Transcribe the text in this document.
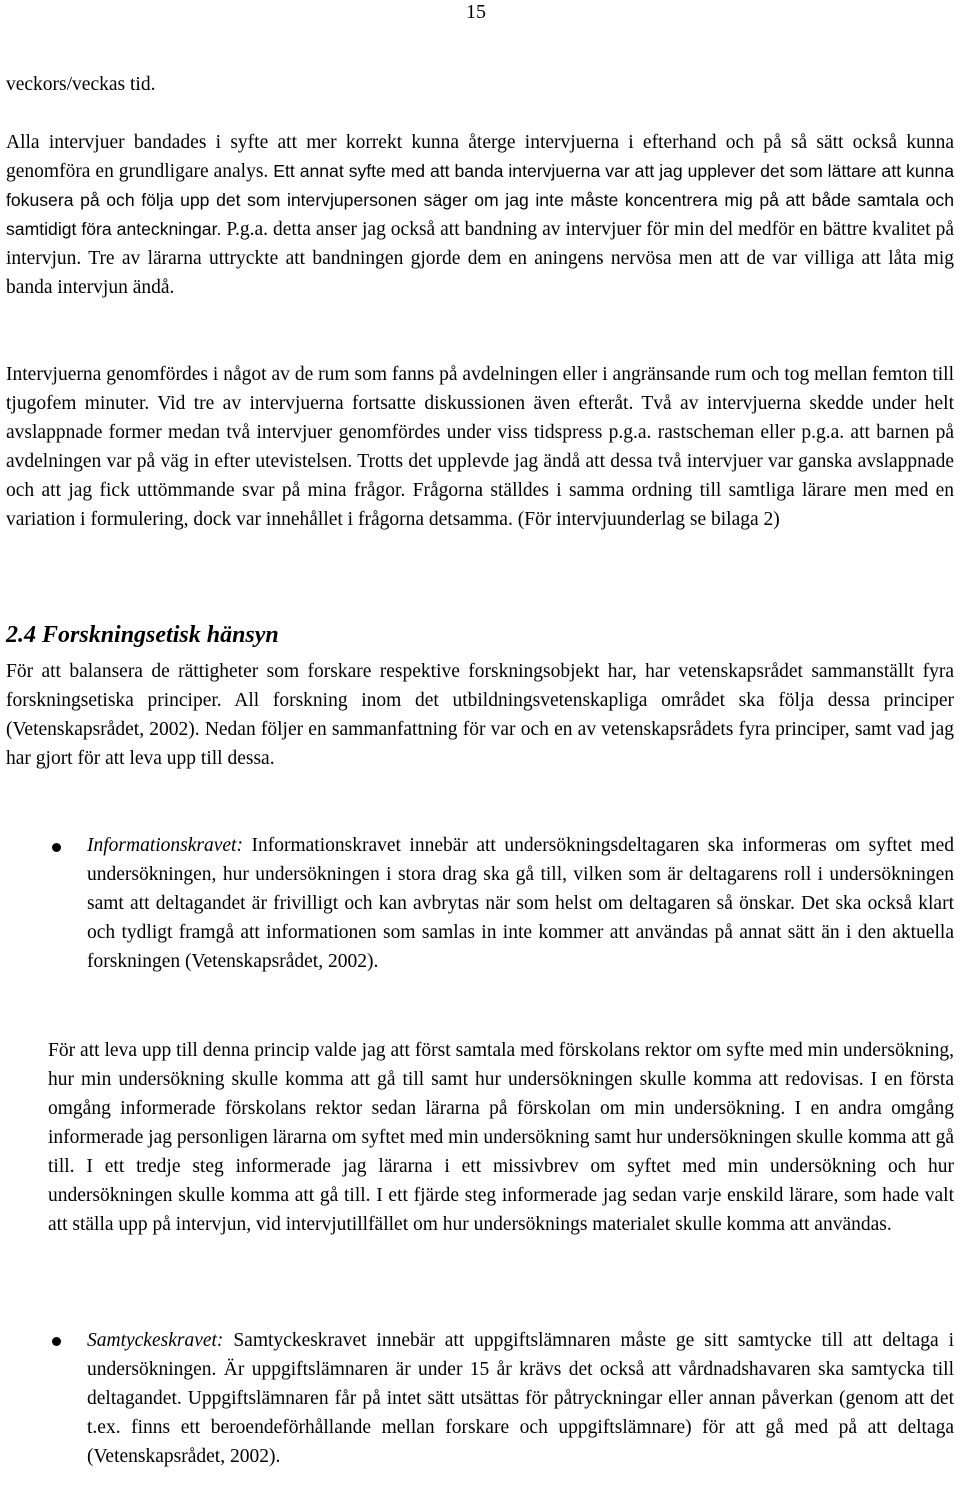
15

veckors/veckas tid.

Alla intervjuer bandades i syfte att mer korrekt kunna återge intervjuerna i efterhand och på så sätt också kunna genomföra en grundligare analys. Ett annat syfte med att banda intervjuerna var att jag upplever det som lättare att kunna fokusera på och följa upp det som intervjupersonen säger om jag inte måste koncentrera mig på att både samtala och samtidigt föra anteckningar. P.g.a. detta anser jag också att bandning av intervjuer för min del medför en bättre kvalitet på intervjun. Tre av lärarna uttryckte att bandningen gjorde dem en aningens nervösa men att de var villiga att låta mig banda intervjun ändå.

Intervjuerna genomfördes i något av de rum som fanns på avdelningen eller i angränsande rum och tog mellan femton till tjugofem minuter. Vid tre av intervjuerna fortsatte diskussionen även efteråt. Två av intervjuerna skedde under helt avslappnade former medan två intervjuer genomfördes under viss tidspress p.g.a. rastscheman eller p.g.a. att barnen på avdelningen var på väg in efter utevistelsen. Trotts det upplevde jag ändå att dessa två intervjuer var ganska avslappnade och att jag fick uttömmande svar på mina frågor. Frågorna ställdes i samma ordning till samtliga lärare men med en variation i formulering, dock var innehållet i frågorna detsamma. (För intervjuunderlag se bilaga 2)

2.4 Forskningsetisk hänsyn

För att balansera de rättigheter som forskare respektive forskningsobjekt har, har vetenskapsrådet sammanställt fyra forskningsetiska principer. All forskning inom det utbildningsvetenskapliga området ska följa dessa principer (Vetenskapsrådet, 2002). Nedan följer en sammanfattning för var och en av vetenskapsrådets fyra principer, samt vad jag har gjort för att leva upp till dessa.

Informationskravet: Informationskravet innebär att undersökningsdeltagaren ska informeras om syftet med undersökningen, hur undersökningen i stora drag ska gå till, vilken som är deltagarens roll i undersökningen samt att deltagandet är frivilligt och kan avbrytas när som helst om deltagaren så önskar. Det ska också klart och tydligt framgå att informationen som samlas in inte kommer att användas på annat sätt än i den aktuella forskningen (Vetenskapsrådet, 2002).

För att leva upp till denna princip valde jag att först samtala med förskolans rektor om syfte med min undersökning, hur min undersökning skulle komma att gå till samt hur undersökningen skulle komma att redovisas. I en första omgång informerade förskolans rektor sedan lärarna på förskolan om min undersökning. I en andra omgång informerade jag personligen lärarna om syftet med min undersökning samt hur undersökningen skulle komma att gå till. I ett tredje steg informerade jag lärarna i ett missivbrev om syftet med min undersökning och hur undersökningen skulle komma att gå till. I ett fjärde steg informerade jag sedan varje enskild lärare, som hade valt att ställa upp på intervjun, vid intervjutillfället om hur undersöknings materialet skulle komma att användas.

Samtyckeskravet: Samtyckeskravet innebär att uppgiftslämnaren måste ge sitt samtycke till att deltaga i undersökningen. Är uppgiftslämnaren är under 15 år krävs det också att vårdnadshavaren ska samtycka till deltagandet. Uppgiftslämnaren får på intet sätt utsättas för påtryckningar eller annan påverkan (genom att det t.ex. finns ett beroendeförhållande mellan forskare och uppgiftslämnare) för att gå med på att deltaga (Vetenskapsrådet, 2002).
